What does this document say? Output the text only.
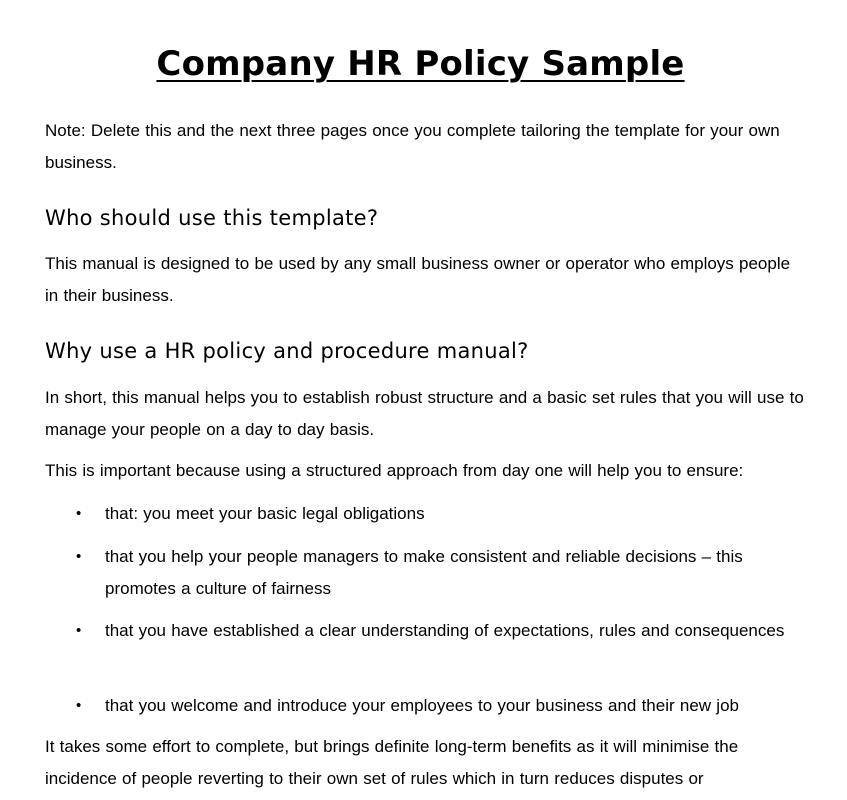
Company HR Policy Sample

Note: Delete this and the next three pages once you complete tailoring the template for your own business.

Who should use this template?

This manual is designed to be used by any small business owner or operator who employs people in their business.

Why use a HR policy and procedure manual?

In short, this manual helps you to establish robust structure and a basic set rules that you will use to manage your people on a day to day basis.

This is important because using a structured approach from day one will help you to ensure:

• that: you meet your basic legal obligations
• that you help your people managers to make consistent and reliable decisions – this promotes a culture of fairness
• that you have established a clear understanding of expectations, rules and consequences
• that you welcome and introduce your employees to your business and their new job

It takes some effort to complete, but brings definite long-term benefits as it will minimise the incidence of people reverting to their own set of rules which in turn reduces disputes or
